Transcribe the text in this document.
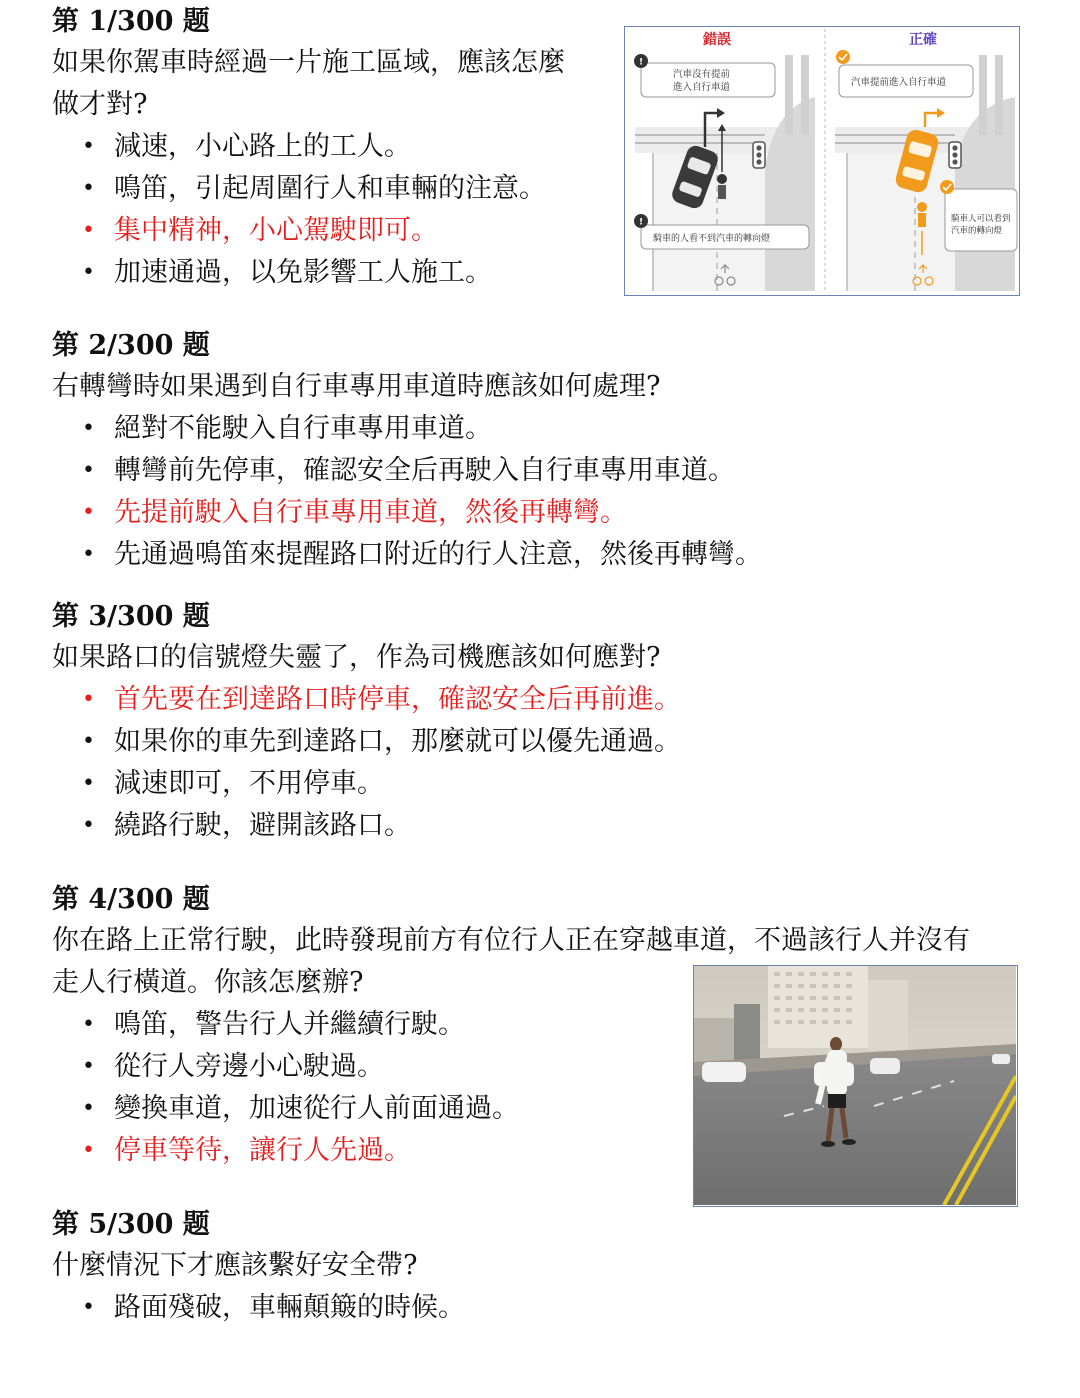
第 1/300 题
如果你駕車時經過一片施工區域，應該怎麼
做才對?
• 減速，小心路上的工人。
• 鳴笛，引起周圍行人和車輛的注意。
• 集中精神，小心駕駛即可。
• 加速通過，以免影響工人施工。
!
汽車沒有提前
進入自行車道
!
騎車的人看不到汽車的轉向燈
汽車提前進入自行車道
騎車人可以看到
汽車的轉向燈
錯誤	正確
第 2/300 题
右轉彎時如果遇到自行車專用車道時應該如何處理?
• 絕對不能駛入自行車專用車道。
• 轉彎前先停車，確認安全后再駛入自行車專用車道。
• 先提前駛入自行車專用車道，然後再轉彎。
• 先通過鳴笛來提醒路口附近的行人注意，然後再轉彎。
第 3/300 题
如果路口的信號燈失靈了，作為司機應該如何應對?
• 首先要在到達路口時停車，確認安全后再前進。
• 如果你的車先到達路口，那麼就可以優先通過。
• 減速即可，不用停車。
• 繞路行駛，避開該路口。
第 4/300 题
你在路上正常行駛，此時發現前方有位行人正在穿越車道，不過該行人并沒有
走人行橫道。你該怎麼辦?
• 鳴笛，警告行人并繼續行駛。
• 從行人旁邊小心駛過。
• 變換車道，加速從行人前面通過。
• 停車等待，讓行人先過。
第 5/300 题
什麼情況下才應該繫好安全帶?
• 路面殘破，車輛顛簸的時候。
